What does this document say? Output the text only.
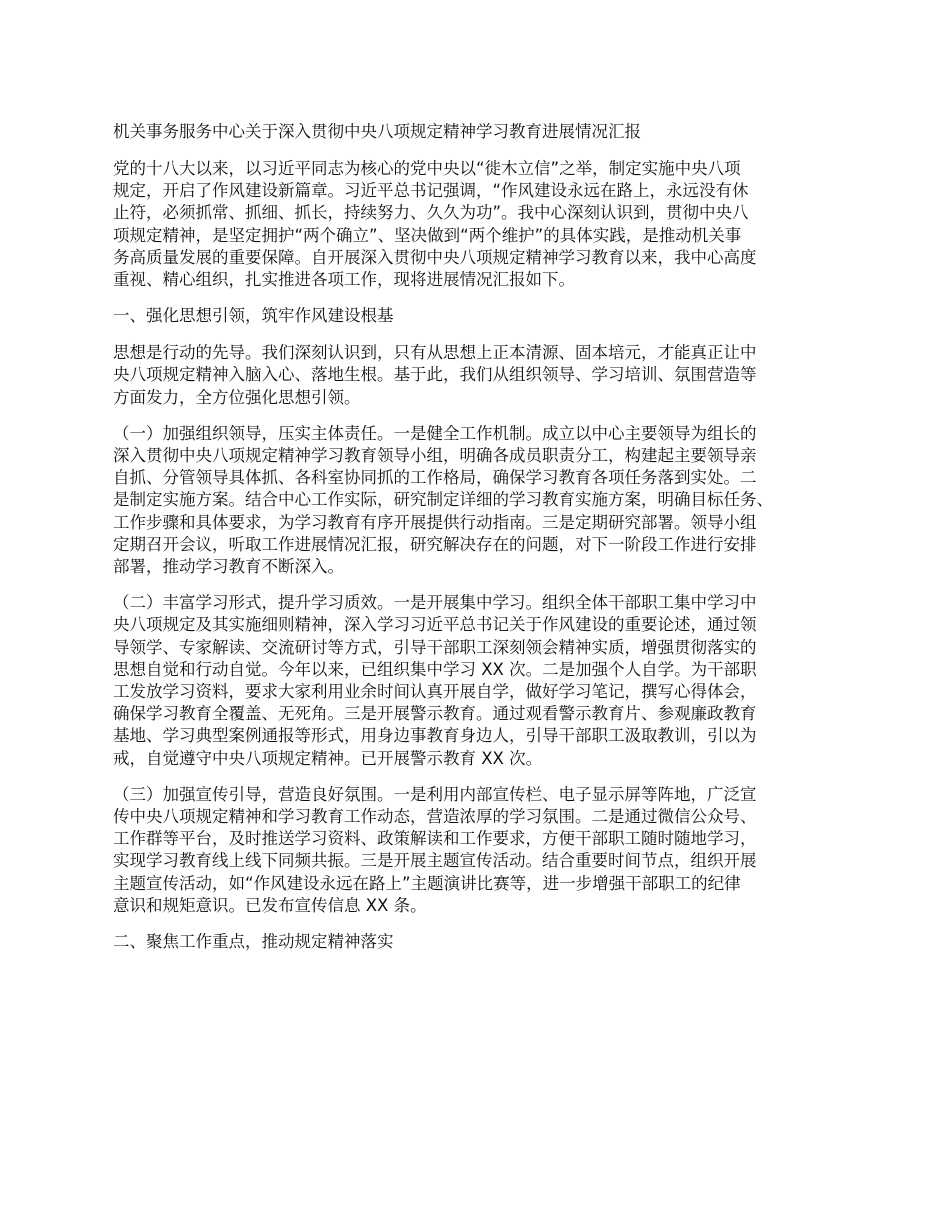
机关事务服务中心关于深入贯彻中央八项规定精神学习教育进展情况汇报
党的十八大以来，以习近平同志为核心的党中央以“徙木立信”之举，制定实施中央八项
规定，开启了作风建设新篇章。习近平总书记强调，“作风建设永远在路上，永远没有休
止符，必须抓常、抓细、抓长，持续努力、久久为功”。我中心深刻认识到，贯彻中央八
项规定精神，是坚定拥护“两个确立”、坚决做到“两个维护”的具体实践，是推动机关事
务高质量发展的重要保障。自开展深入贯彻中央八项规定精神学习教育以来，我中心高度
重视、精心组织，扎实推进各项工作，现将进展情况汇报如下。
一、强化思想引领，筑牢作风建设根基
思想是行动的先导。我们深刻认识到，只有从思想上正本清源、固本培元，才能真正让中
央八项规定精神入脑入心、落地生根。基于此，我们从组织领导、学习培训、氛围营造等
方面发力，全方位强化思想引领。
（一）加强组织领导，压实主体责任。一是健全工作机制。成立以中心主要领导为组长的
深入贯彻中央八项规定精神学习教育领导小组，明确各成员职责分工，构建起主要领导亲
自抓、分管领导具体抓、各科室协同抓的工作格局，确保学习教育各项任务落到实处。二
是制定实施方案。结合中心工作实际，研究制定详细的学习教育实施方案，明确目标任务、
工作步骤和具体要求，为学习教育有序开展提供行动指南。三是定期研究部署。领导小组
定期召开会议，听取工作进展情况汇报，研究解决存在的问题，对下一阶段工作进行安排
部署，推动学习教育不断深入。
（二）丰富学习形式，提升学习质效。一是开展集中学习。组织全体干部职工集中学习中
央八项规定及其实施细则精神，深入学习习近平总书记关于作风建设的重要论述，通过领
导领学、专家解读、交流研讨等方式，引导干部职工深刻领会精神实质，增强贯彻落实的
思想自觉和行动自觉。今年以来，已组织集中学习 XX 次。二是加强个人自学。为干部职
工发放学习资料，要求大家利用业余时间认真开展自学，做好学习笔记，撰写心得体会，
确保学习教育全覆盖、无死角。三是开展警示教育。通过观看警示教育片、参观廉政教育
基地、学习典型案例通报等形式，用身边事教育身边人，引导干部职工汲取教训，引以为
戒，自觉遵守中央八项规定精神。已开展警示教育 XX 次。
（三）加强宣传引导，营造良好氛围。一是利用内部宣传栏、电子显示屏等阵地，广泛宣
传中央八项规定精神和学习教育工作动态，营造浓厚的学习氛围。二是通过微信公众号、
工作群等平台，及时推送学习资料、政策解读和工作要求，方便干部职工随时随地学习，
实现学习教育线上线下同频共振。三是开展主题宣传活动。结合重要时间节点，组织开展
主题宣传活动，如“作风建设永远在路上”主题演讲比赛等，进一步增强干部职工的纪律
意识和规矩意识。已发布宣传信息 XX 条。
二、聚焦工作重点，推动规定精神落实
